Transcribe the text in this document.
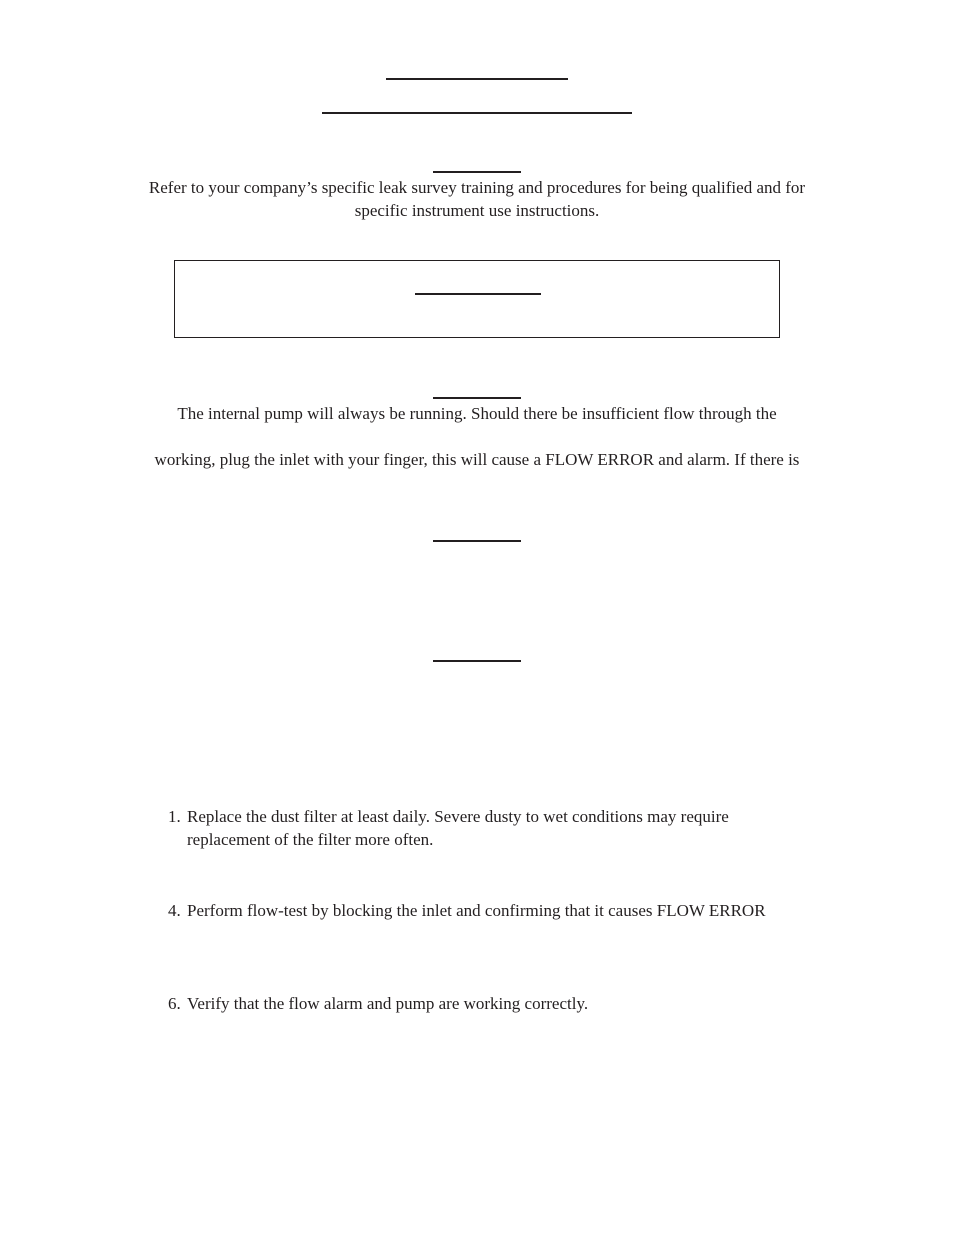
Refer to your company’s specific leak survey training and procedures for being qualified and for
specific instrument use instructions.
The internal pump will always be running. Should there be insufficient flow through the
working, plug the inlet with your finger, this will cause a FLOW ERROR and alarm. If there is
1. Replace the dust filter at least daily. Severe dusty to wet conditions may require
replacement of the filter more often.
4. Perform flow-test by blocking the inlet and confirming that it causes FLOW ERROR
6. Verify that the flow alarm and pump are working correctly.
